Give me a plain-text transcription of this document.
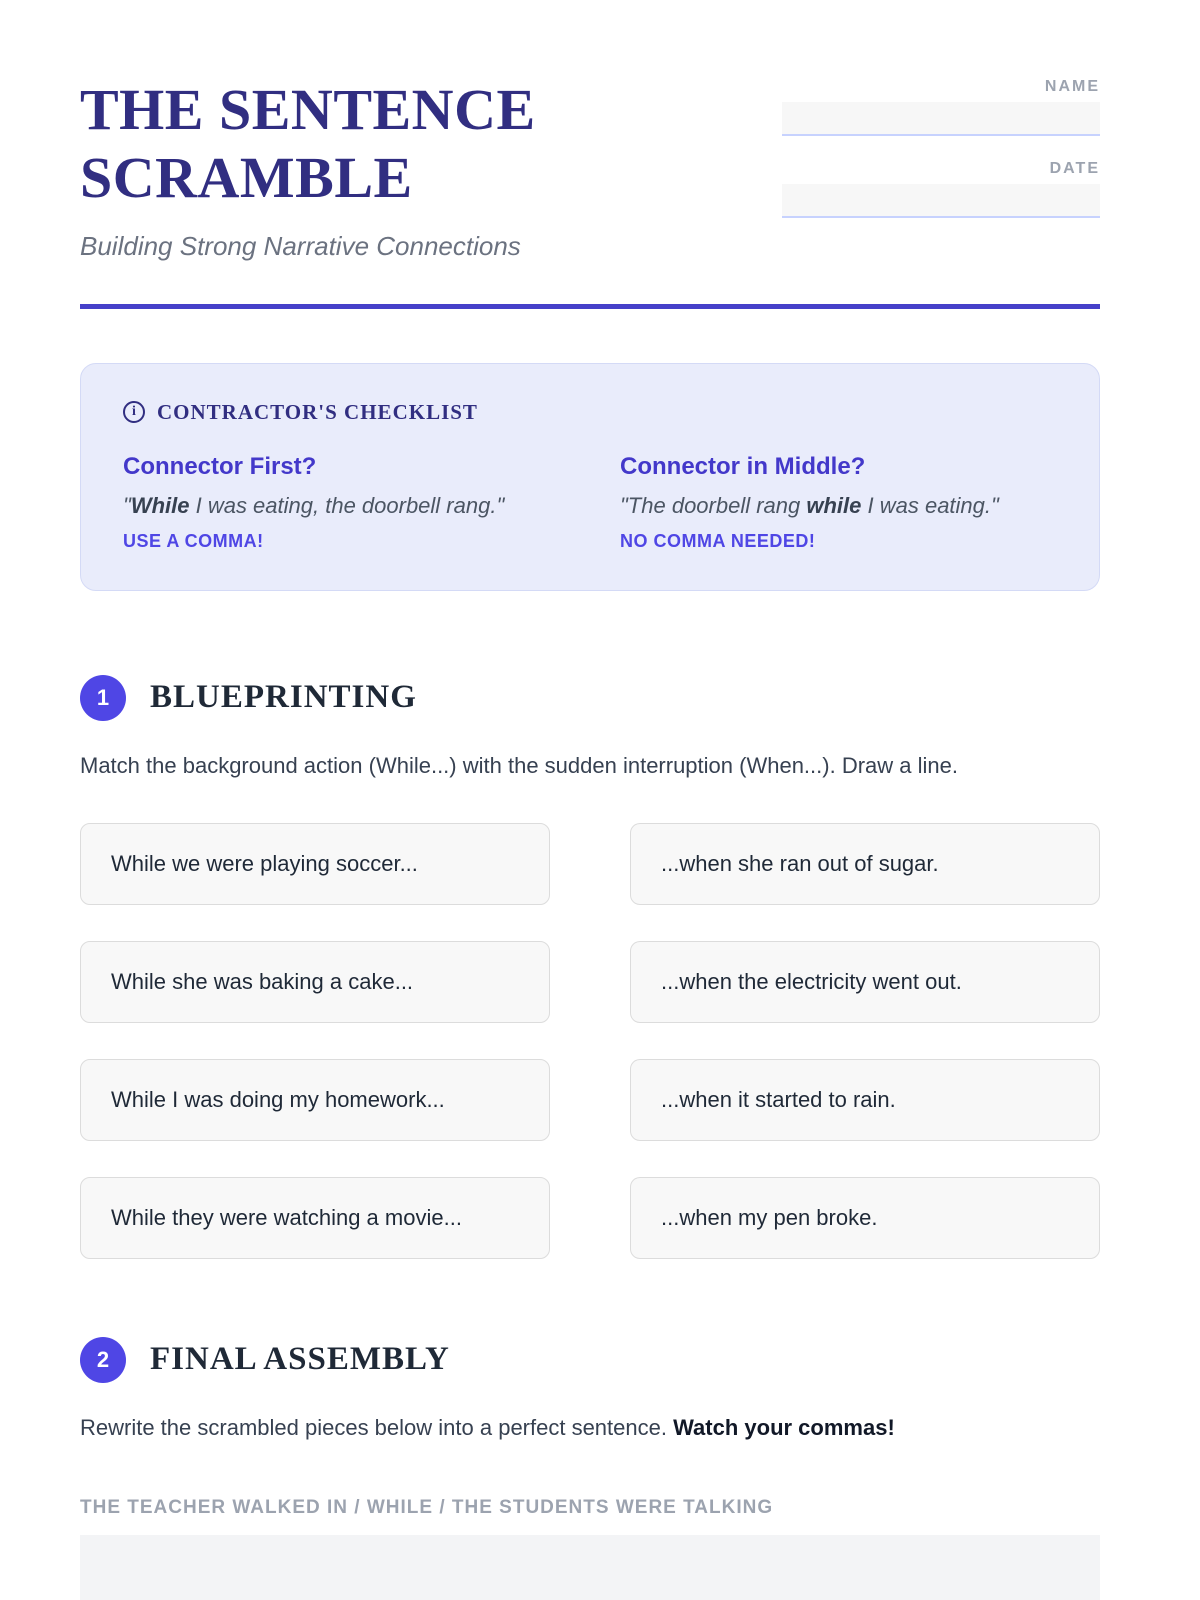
THE SENTENCE
SCRAMBLE
Building Strong Narrative Connections
NAME
DATE
i	CONTRACTOR'S CHECKLIST
Connector First?
"While I was eating, the doorbell rang."
USE A COMMA!
Connector in Middle?
"The doorbell rang while I was eating."
NO COMMA NEEDED!
1	BLUEPRINTING
Match the background action (While...) with the sudden interruption (When...). Draw a line.
While we were playing soccer...	...when she ran out of sugar.
While she was baking a cake...	...when the electricity went out.
While I was doing my homework...	...when it started to rain.
While they were watching a movie...	...when my pen broke.
2	FINAL ASSEMBLY
Rewrite the scrambled pieces below into a perfect sentence. Watch your commas!
THE TEACHER WALKED IN / WHILE / THE STUDENTS WERE TALKING
